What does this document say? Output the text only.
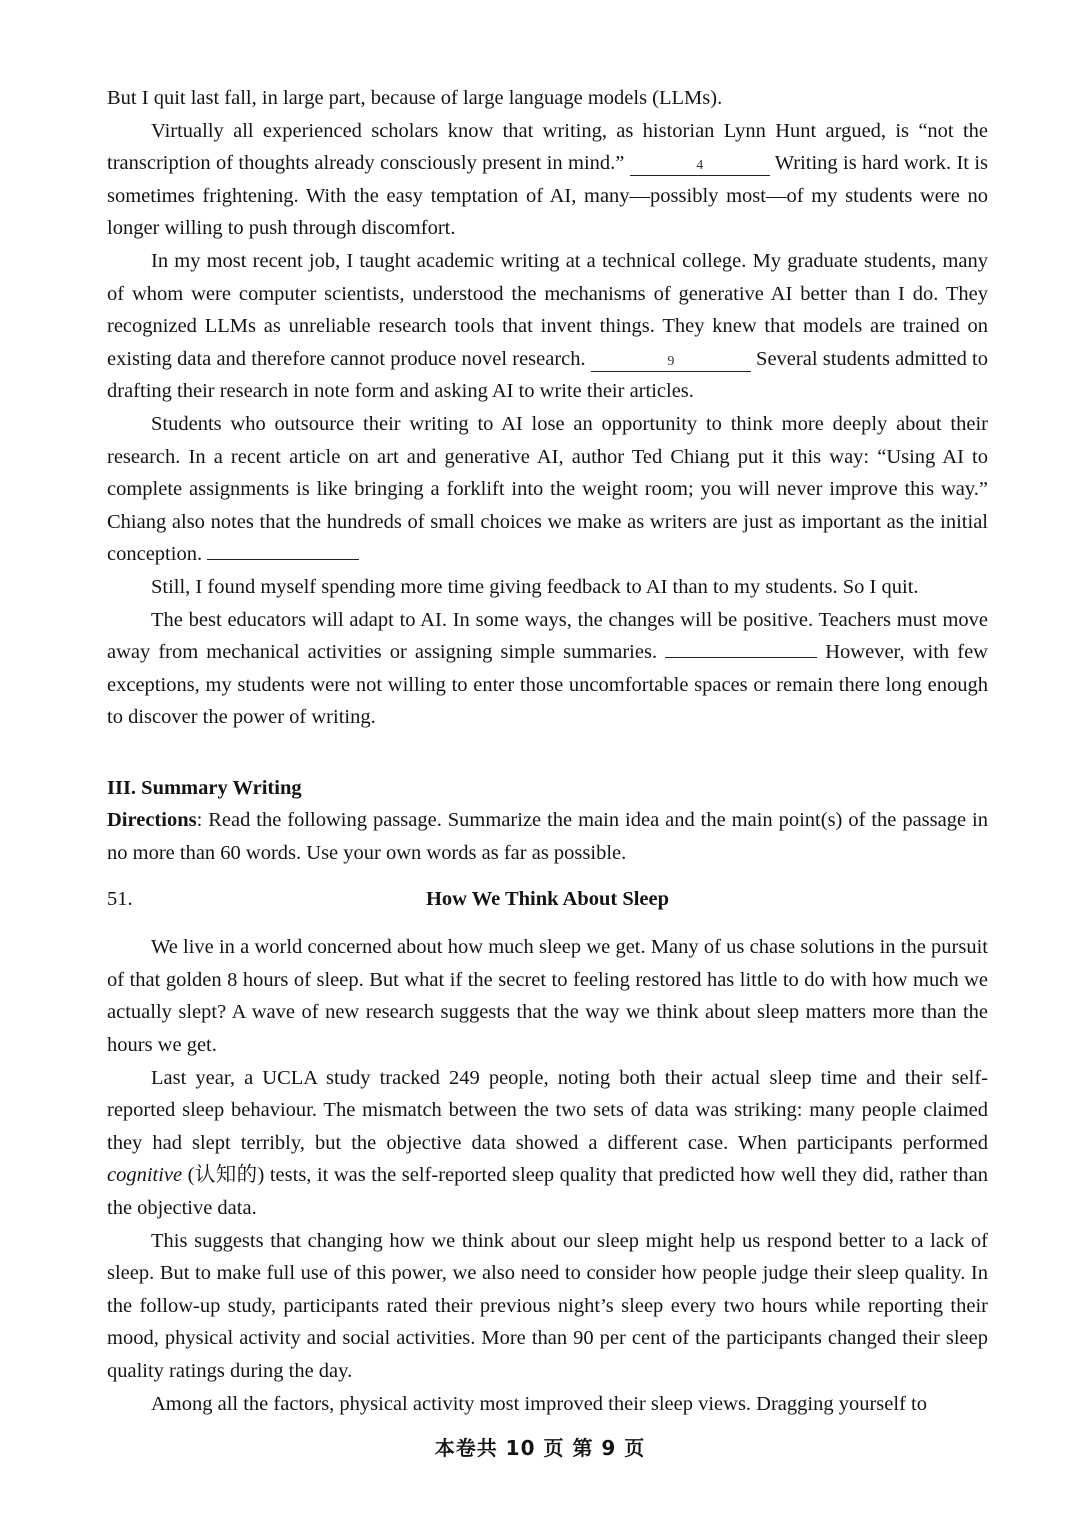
But I quit last fall, in large part, because of large language models (LLMs).

Virtually all experienced scholars know that writing, as historian Lynn Hunt argued, is “not the transcription of thoughts already consciously present in mind.”	4	Writing is hard work. It is sometimes frightening. With the easy temptation of AI, many—possibly most—of my students were no longer willing to push through discomfort.

In my most recent job, I taught academic writing at a technical college. My graduate students, many of whom were computer scientists, understood the mechanisms of generative AI better than I do. They recognized LLMs as unreliable research tools that invent things. They knew that models are trained on existing data and therefore cannot produce novel research.	9	Several students admitted to drafting their research in note form and asking AI to write their articles.

Students who outsource their writing to AI lose an opportunity to think more deeply about their research. In a recent article on art and generative AI, author Ted Chiang put it this way: “Using AI to complete assignments is like bringing a forklift into the weight room; you will never improve this way.” Chiang also notes that the hundreds of small choices we make as writers are just as important as the initial conception.

Still, I found myself spending more time giving feedback to AI than to my students. So I quit.

The best educators will adapt to AI. In some ways, the changes will be positive. Teachers must move away from mechanical activities or assigning simple summaries.	However, with few exceptions, my students were not willing to enter those uncomfortable spaces or remain there long enough to discover the power of writing.

III. Summary Writing

Directions: Read the following passage. Summarize the main idea and the main point(s) of the passage in no more than 60 words. Use your own words as far as possible.

51.	How We Think About Sleep

We live in a world concerned about how much sleep we get. Many of us chase solutions in the pursuit of that golden 8 hours of sleep. But what if the secret to feeling restored has little to do with how much we actually slept? A wave of new research suggests that the way we think about sleep matters more than the hours we get.

Last year, a UCLA study tracked 249 people, noting both their actual sleep time and their self-reported sleep behaviour. The mismatch between the two sets of data was striking: many people claimed they had slept terribly, but the objective data showed a different case. When participants performed cognitive (认知的) tests, it was the self-reported sleep quality that predicted how well they did, rather than the objective data.

This suggests that changing how we think about our sleep might help us respond better to a lack of sleep. But to make full use of this power, we also need to consider how people judge their sleep quality. In the follow-up study, participants rated their previous night’s sleep every two hours while reporting their mood, physical activity and social activities. More than 90 per cent of the participants changed their sleep quality ratings during the day.

Among all the factors, physical activity most improved their sleep views. Dragging yourself to

本卷共 10 页 第 9 页
